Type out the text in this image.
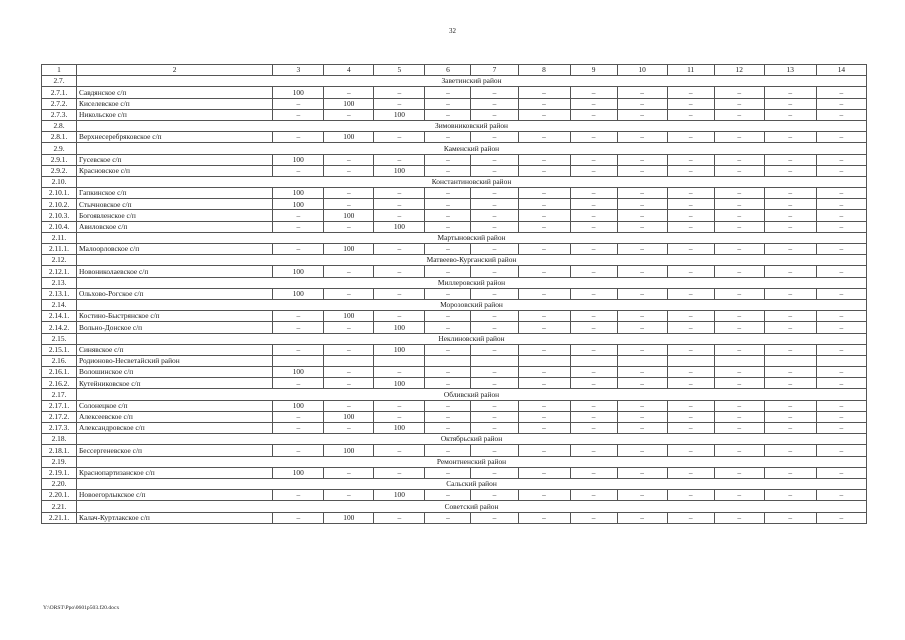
32
1	2	3	4	5	6	7	8	9	10	11	12	13	14
2.7.	Заветинский район												
2.7.1.	Савдянское с/п	100	–	–	–	–	–	–	–	–	–	–	–
2.7.2.	Киселевское с/п	–	100	–	–	–	–	–	–	–	–	–	–
2.7.3.	Никольское с/п	–	–	100	–	–	–	–	–	–	–	–	–
2.8.	Зимовниковский район												
2.8.1.	Верхнесеребряковское с/п	–	100	–	–	–	–	–	–	–	–	–	–
2.9.	Каменский район												
2.9.1.	Гусевское с/п	100	–	–	–	–	–	–	–	–	–	–	–
2.9.2.	Красновское с/п	–	–	100	–	–	–	–	–	–	–	–	–
2.10.	Константиновский район												
2.10.1.	Гапкинское с/п	100	–	–	–	–	–	–	–	–	–	–	–
2.10.2.	Стычновское с/п	100	–	–	–	–	–	–	–	–	–	–	–
2.10.3.	Богоявленское с/п	–	100	–	–	–	–	–	–	–	–	–	–
2.10.4.	Авиловское с/п	–	–	100	–	–	–	–	–	–	–	–	–
2.11.	Мартыновский район												
2.11.1.	Малоорловское с/п	–	100	–	–	–	–	–	–	–	–	–	–
2.12.	Матвеево-Курганский район												
2.12.1.	Новониколаевское с/п	100	–	–	–	–	–	–	–	–	–	–	–
2.13.	Миллеровский район												
2.13.1.	Ольхово-Рогское с/п	100	–	–	–	–	–	–	–	–	–	–	–
2.14.	Морозовский район												
2.14.1.	Костино-Быстрянское с/п	–	100	–	–	–	–	–	–	–	–	–	–
2.14.2.	Вольно-Донское с/п	–	–	100	–	–	–	–	–	–	–	–	–
2.15.	Неклиновский район												
2.15.1.	Синявское с/п	–	–	100	–	–	–	–	–	–	–	–	–
2.16.	Родионово-Несветайский район												
2.16.1.	Волошинское с/п	100	–	–	–	–	–	–	–	–	–	–	–
2.16.2.	Кутейниковское с/п	–	–	100	–	–	–	–	–	–	–	–	–
2.17.	Обливский район												
2.17.1.	Солонецкое с/п	100	–	–	–	–	–	–	–	–	–	–	–
2.17.2.	Алексеевское с/п	–	100	–	–	–	–	–	–	–	–	–	–
2.17.3.	Александровское с/п	–	–	100	–	–	–	–	–	–	–	–	–
2.18.	Октябрьский район												
2.18.1.	Бессергеневское с/п	–	100	–	–	–	–	–	–	–	–	–	–
2.19.	Ремонтненский район												
2.19.1.	Краснопартизанское с/п	100	–	–	–	–	–	–	–	–	–	–	–
2.20.	Сальский район												
2.20.1.	Новоегорлыкское с/п	–	–	100	–	–	–	–	–	–	–	–	–
2.21.	Советский район												
2.21.1.	Калач-Куртлакское с/п	–	100	–	–	–	–	–	–	–	–	–	–
Y:\ORST\Ppo\0601p503.f20.docx
